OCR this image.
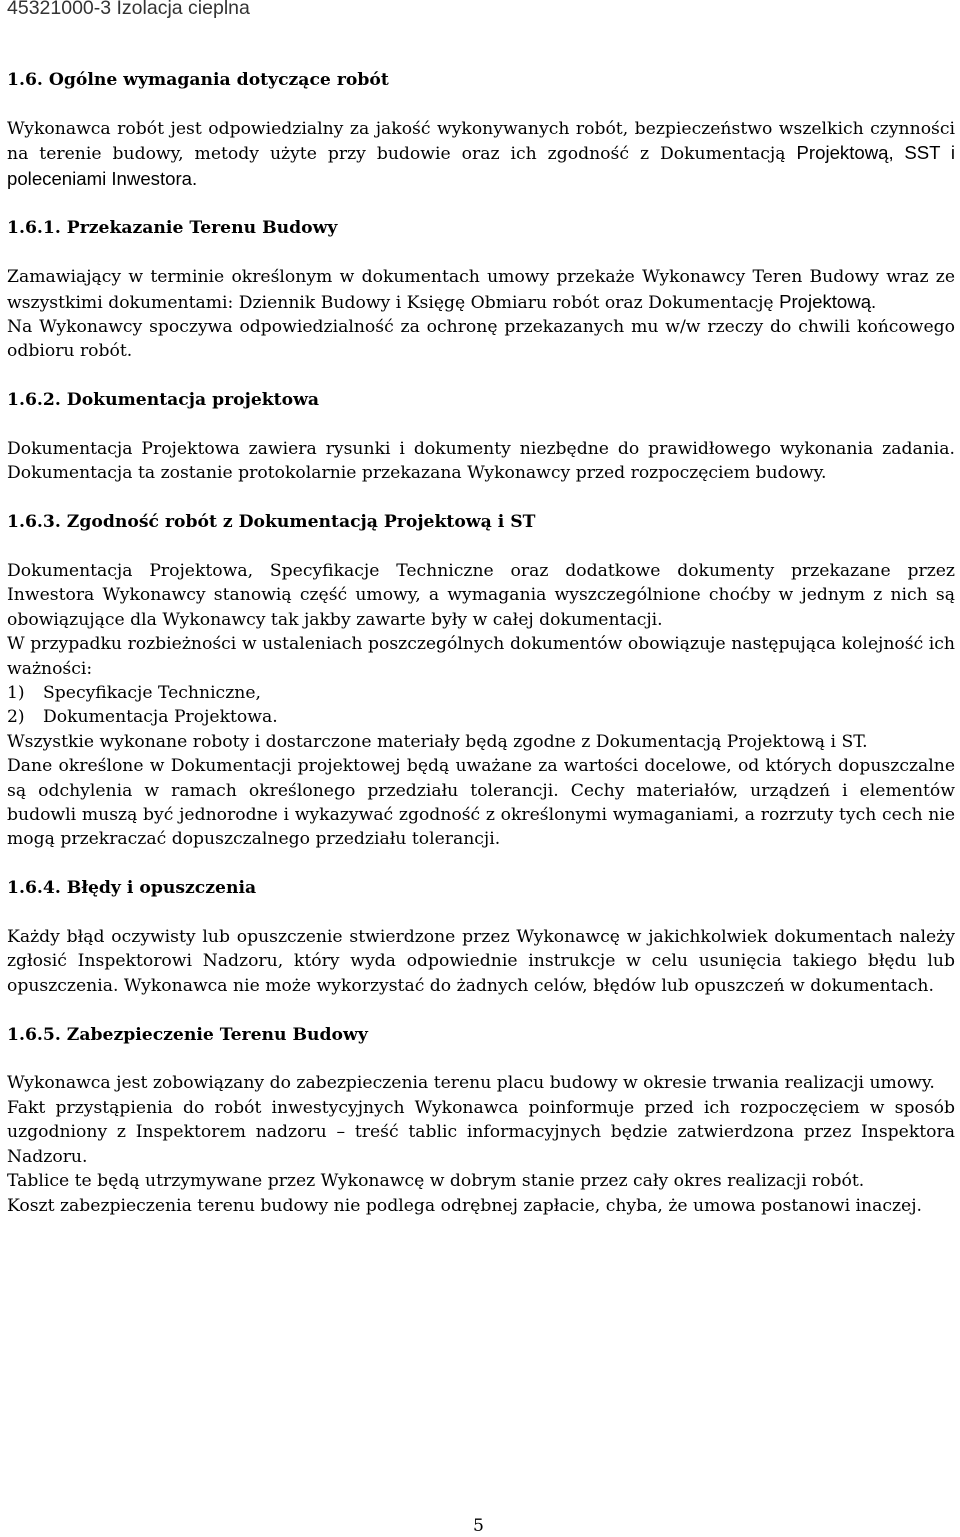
45321000-3 Izolacja cieplna
1.6. Ogólne wymagania dotyczące robót

Wykonawca robót jest odpowiedzialny za jakość wykonywanych robót, bezpieczeństwo wszelkich czynności na terenie budowy, metody użyte przy budowie oraz ich zgodność z Dokumentacją Projektową, SST i poleceniami Inwestora.

1.6.1. Przekazanie Terenu Budowy

Zamawiający w terminie określonym w dokumentach umowy przekaże Wykonawcy Teren Budowy wraz ze wszystkimi dokumentami: Dziennik Budowy i Księgę Obmiaru robót oraz Dokumentację Projektową.

Na Wykonawcy spoczywa odpowiedzialność za ochronę przekazanych mu w/w rzeczy do chwili końcowego odbioru robót.

1.6.2. Dokumentacja projektowa

Dokumentacja Projektowa zawiera rysunki i dokumenty niezbędne do prawidłowego wykonania zadania. Dokumentacja ta zostanie protokolarnie przekazana Wykonawcy przed rozpoczęciem budowy.

1.6.3. Zgodność robót z Dokumentacją Projektową i ST

Dokumentacja Projektowa, Specyfikacje Techniczne oraz dodatkowe dokumenty przekazane przez Inwestora Wykonawcy stanowią część umowy, a wymagania wyszczególnione choćby w jednym z nich są obowiązujące dla Wykonawcy tak jakby zawarte były w całej dokumentacji.

W przypadku rozbieżności w ustaleniach poszczególnych dokumentów obowiązuje następująca kolejność ich ważności:

1)	Specyfikacje Techniczne,
2)	Dokumentacja Projektowa.

Wszystkie wykonane roboty i dostarczone materiały będą zgodne z Dokumentacją Projektową i ST.

Dane określone w Dokumentacji projektowej będą uważane za wartości docelowe, od których dopuszczalne są odchylenia w ramach określonego przedziału tolerancji. Cechy materiałów, urządzeń i elementów budowli muszą być jednorodne i wykazywać zgodność z określonymi wymaganiami, a rozrzuty tych cech nie mogą przekraczać dopuszczalnego przedziału tolerancji.

1.6.4. Błędy i opuszczenia

Każdy błąd oczywisty lub opuszczenie stwierdzone przez Wykonawcę w jakichkolwiek dokumentach należy zgłosić Inspektorowi Nadzoru, który wyda odpowiednie instrukcje w celu usunięcia takiego błędu lub opuszczenia. Wykonawca nie może wykorzystać do żadnych celów, błędów lub opuszczeń w dokumentach.

1.6.5. Zabezpieczenie Terenu Budowy

Wykonawca jest zobowiązany do zabezpieczenia terenu placu budowy w okresie trwania realizacji umowy.

Fakt przystąpienia do robót inwestycyjnych Wykonawca poinformuje przed ich rozpoczęciem w sposób uzgodniony z Inspektorem nadzoru – treść tablic informacyjnych będzie zatwierdzona przez Inspektora Nadzoru.

Tablice te będą utrzymywane przez Wykonawcę w dobrym stanie przez cały okres realizacji robót.

Koszt zabezpieczenia terenu budowy nie podlega odrębnej zapłacie, chyba, że umowa postanowi inaczej.

5
